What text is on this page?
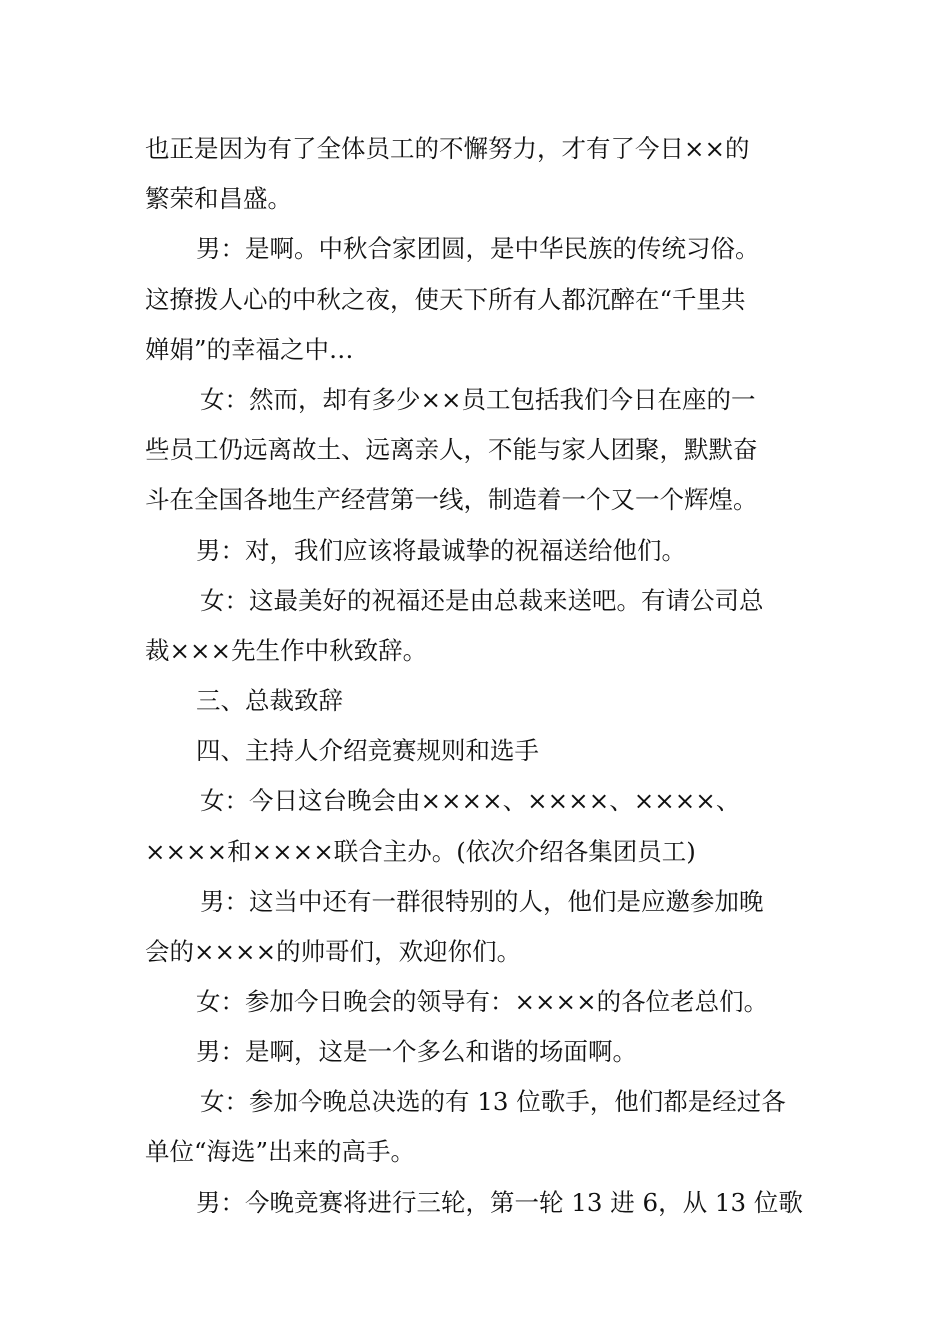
也正是因为有了全体员工的不懈努力，才有了今日××的
繁荣和昌盛。
男：是啊。中秋合家团圆，是中华民族的传统习俗。
这撩拨人心的中秋之夜，使天下所有人都沉醉在“千里共
婵娟”的幸福之中…
女：然而，却有多少××员工包括我们今日在座的一
些员工仍远离故土、远离亲人，不能与家人团聚，默默奋
斗在全国各地生产经营第一线，制造着一个又一个辉煌。
男：对，我们应该将最诚挚的祝福送给他们。
女：这最美好的祝福还是由总裁来送吧。有请公司总
裁×××先生作中秋致辞。
三、总裁致辞
四、主持人介绍竞赛规则和选手
女：今日这台晚会由××××、××××、××××、
××××和××××联合主办。(依次介绍各集团员工)
男：这当中还有一群很特别的人，他们是应邀参加晚
会的××××的帅哥们，欢迎你们。
女：参加今日晚会的领导有：××××的各位老总们。
男：是啊，这是一个多么和谐的场面啊。
女：参加今晚总决选的有 13 位歌手，他们都是经过各
单位“海选”出来的高手。
男：今晚竞赛将进行三轮，第一轮 13 进 6，从 13 位歌
